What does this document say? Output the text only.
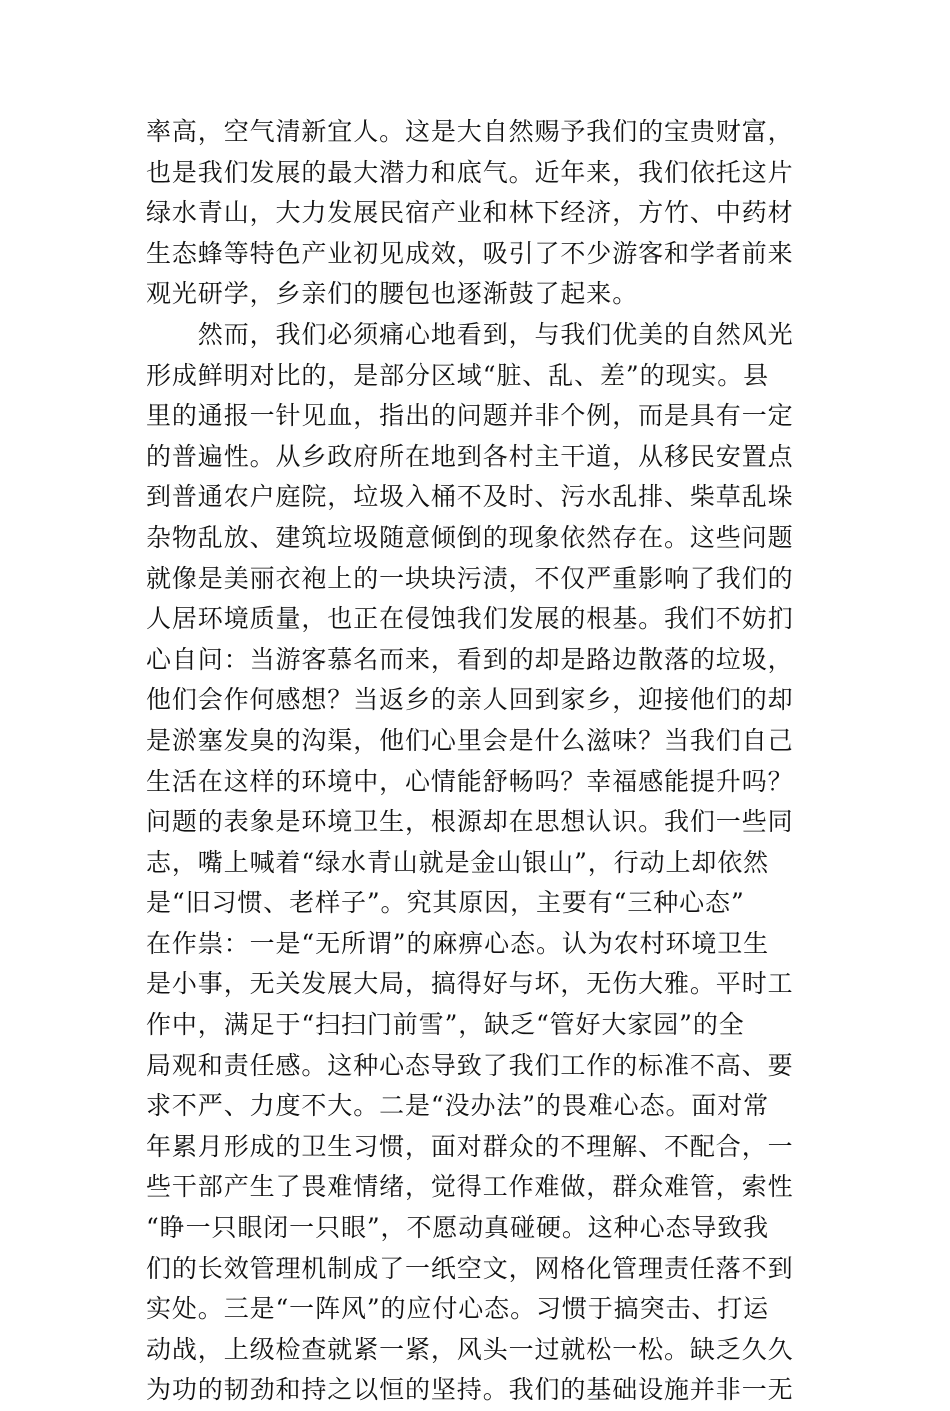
率高，空气清新宜人。这是大自然赐予我们的宝贵财富，
也是我们发展的最大潜力和底气。近年来，我们依托这片
绿水青山，大力发展民宿产业和林下经济，方竹、中药材
生态蜂等特色产业初见成效，吸引了不少游客和学者前来
观光研学，乡亲们的腰包也逐渐鼓了起来。
　　然而，我们必须痛心地看到，与我们优美的自然风光
形成鲜明对比的，是部分区域“脏、乱、差”的现实。县
里的通报一针见血，指出的问题并非个例，而是具有一定
的普遍性。从乡政府所在地到各村主干道，从移民安置点
到普通农户庭院，垃圾入桶不及时、污水乱排、柴草乱垛
杂物乱放、建筑垃圾随意倾倒的现象依然存在。这些问题
就像是美丽衣袍上的一块块污渍，不仅严重影响了我们的
人居环境质量，也正在侵蚀我们发展的根基。我们不妨扪
心自问：当游客慕名而来，看到的却是路边散落的垃圾，
他们会作何感想？当返乡的亲人回到家乡，迎接他们的却
是淤塞发臭的沟渠，他们心里会是什么滋味？当我们自己
生活在这样的环境中，心情能舒畅吗？幸福感能提升吗？
问题的表象是环境卫生，根源却在思想认识。我们一些同
志，嘴上喊着“绿水青山就是金山银山”，行动上却依然
是“旧习惯、老样子”。究其原因，主要有“三种心态”
在作祟：一是“无所谓”的麻痹心态。认为农村环境卫生
是小事，无关发展大局，搞得好与坏，无伤大雅。平时工
作中，满足于“扫扫门前雪”，缺乏“管好大家园”的全
局观和责任感。这种心态导致了我们工作的标准不高、要
求不严、力度不大。二是“没办法”的畏难心态。面对常
年累月形成的卫生习惯，面对群众的不理解、不配合，一
些干部产生了畏难情绪，觉得工作难做，群众难管，索性
“睁一只眼闭一只眼”，不愿动真碰硬。这种心态导致我
们的长效管理机制成了一纸空文，网格化管理责任落不到
实处。三是“一阵风”的应付心态。习惯于搞突击、打运
动战，上级检查就紧一紧，风头一过就松一松。缺乏久久
为功的韧劲和持之以恒的坚持。我们的基础设施并非一无
